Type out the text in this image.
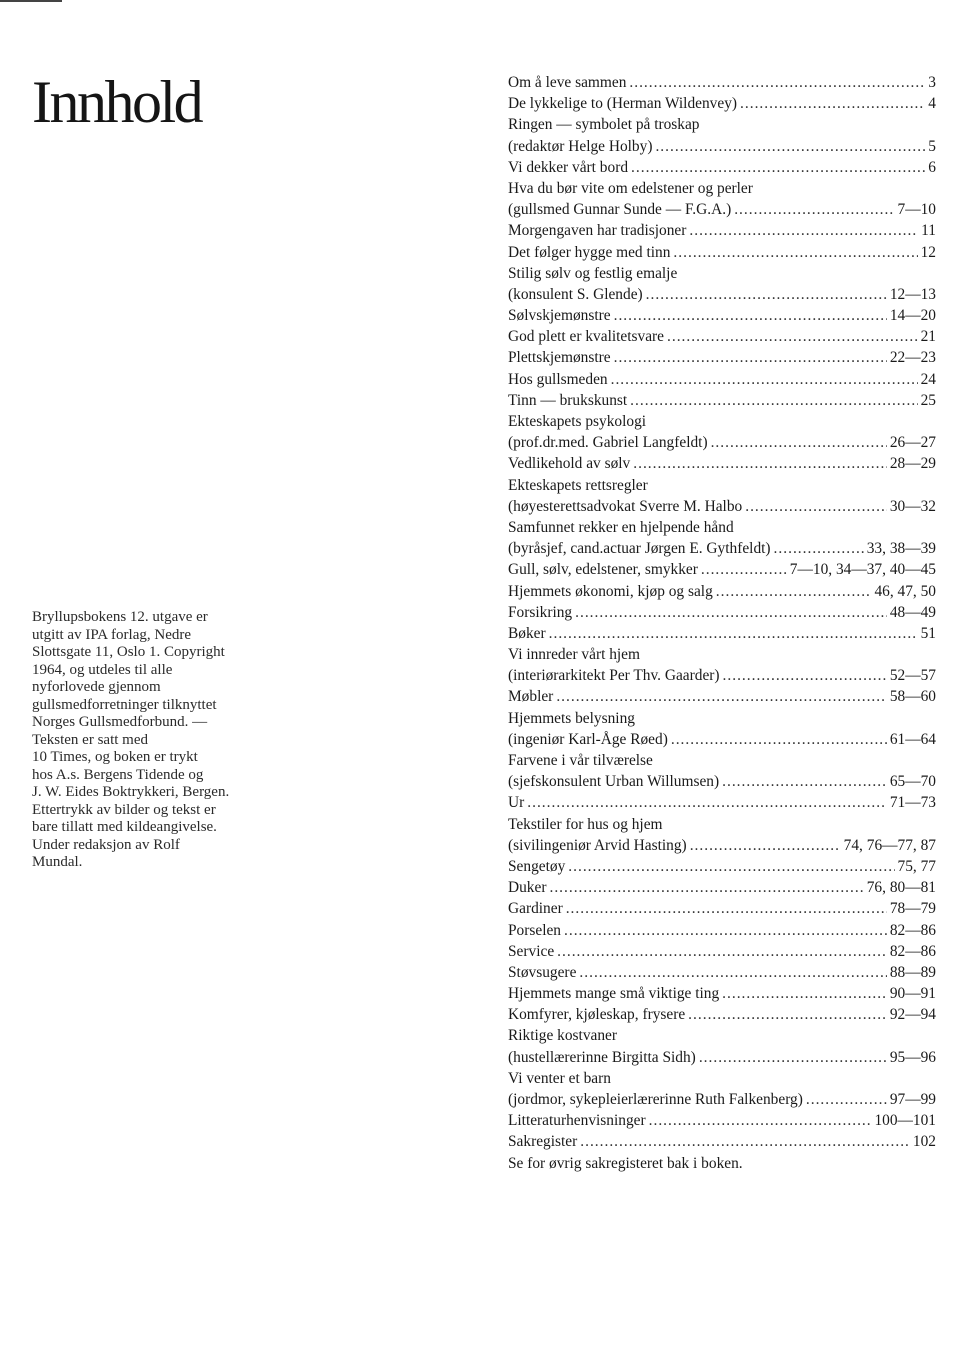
Innhold
Bryllupsbokens 12. utgave er
utgitt av IPA forlag, Nedre
Slottsgate 11, Oslo 1. Copyright
1964, og utdeles til alle
nyforlovede gjennom
gullsmedforretninger tilknyttet
Norges Gullsmedforbund. —
Teksten er satt med
10 Times, og boken er trykt
hos A.s. Bergens Tidende og
J. W. Eides Boktrykkeri, Bergen.
Ettertrykk av bilder og tekst er
bare tillatt med kildeangivelse.
Under redaksjon av Rolf
Mundal.
Om å leve sammen .....	3
De lykkelige to (Herman Wildenvey) .....	4
Ringen — symbolet på troskap
(redaktør Helge Holby) .....	5
Vi dekker vårt bord .....	6
Hva du bør vite om edelstener og perler
(gullsmed Gunnar Sunde — F.G.A.) .....	7—10
Morgengaven har tradisjoner .....	11
Det følger hygge med tinn .....	12
Stilig sølv og festlig emalje
(konsulent S. Glende) .....	12—13
Sølvskjemønstre .....	14—20
God plett er kvalitetsvare .....	21
Plettskjemønstre .....	22—23
Hos gullsmeden .....	24
Tinn — brukskunst .....	25
Ekteskapets psykologi
(prof.dr.med. Gabriel Langfeldt) .....	26—27
Vedlikehold av sølv .....	28—29
Ekteskapets rettsregler
(høyesterettsadvokat Sverre M. Halbo .....	30—32
Samfunnet rekker en hjelpende hånd
(byråsjef, cand.actuar Jørgen E. Gythfeldt) .....	33, 38—39
Gull, sølv, edelstener, smykker .....	7—10, 34—37, 40—45
Hjemmets økonomi, kjøp og salg .....	46, 47, 50
Forsikring .....	48—49
Bøker .....	51
Vi innreder vårt hjem
(interiørarkitekt Per Thv. Gaarder) .....	52—57
Møbler .....	58—60
Hjemmets belysning
(ingeniør Karl-Åge Røed) .....	61—64
Farvene i vår tilværelse
(sjefskonsulent Urban Willumsen) .....	65—70
Ur .....	71—73
Tekstiler for hus og hjem
(sivilingeniør Arvid Hasting) .....	74, 76—77, 87
Sengetøy .....	75, 77
Duker .....	76, 80—81
Gardiner .....	78—79
Porselen .....	82—86
Service .....	82—86
Støvsugere .....	88—89
Hjemmets mange små viktige ting .....	90—91
Komfyrer, kjøleskap, frysere .....	92—94
Riktige kostvaner
(hustellærerinne Birgitta Sidh) .....	95—96
Vi venter et barn
(jordmor, sykepleierlærerinne Ruth Falkenberg) .....	97—99
Litteraturhenvisninger .....	100—101
Sakregister .....	102
Se for øvrig sakregisteret bak i boken.
